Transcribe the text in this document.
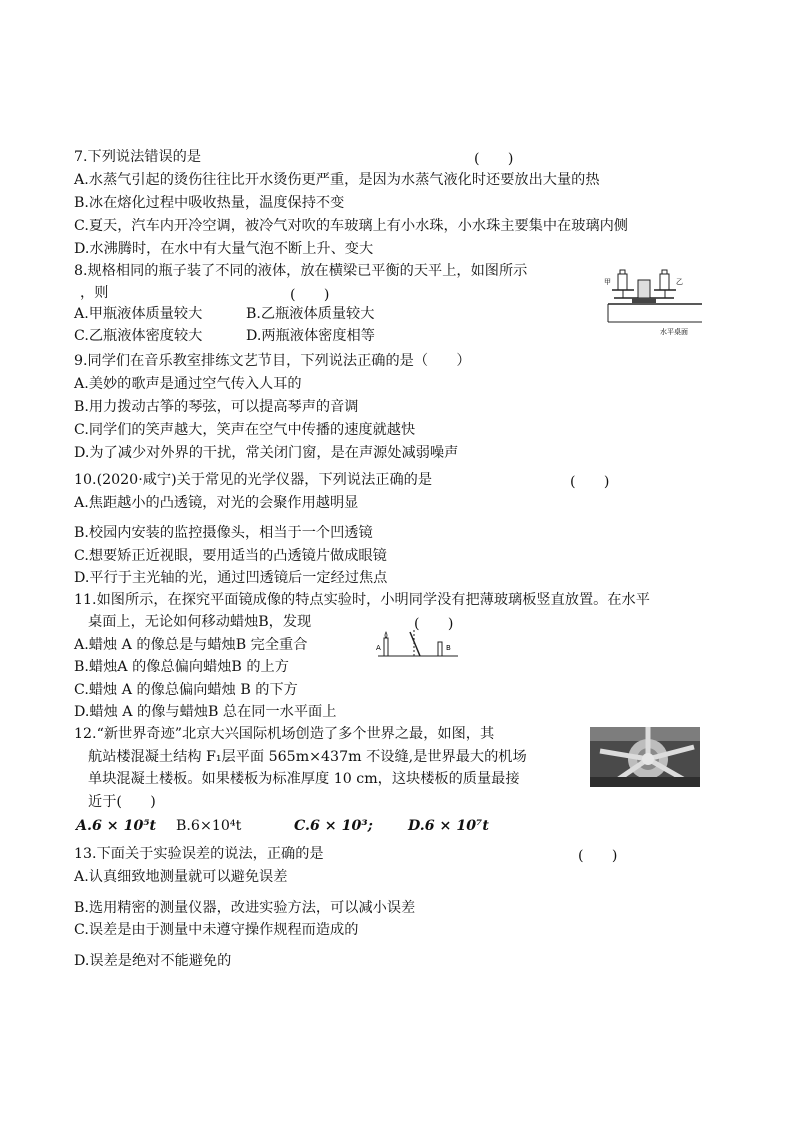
7.下列说法错误的是	(　　)
A.水蒸气引起的烫伤往往比开水烫伤更严重，是因为水蒸气液化时还要放出大量的热
B.冰在熔化过程中吸收热量，温度保持不变
C.夏天，汽车内开冷空调，被冷气对吹的车玻璃上有小水珠，小水珠主要集中在玻璃内侧
D.水沸腾时，在水中有大量气泡不断上升、变大
8.规格相同的瓶子装了不同的液体，放在横梁已平衡的天平上，如图所示
，则	(　　)
A.甲瓶液体质量较大	B.乙瓶液体质量较大
C.乙瓶液体密度较大	D.两瓶液体密度相等
甲	乙
水平桌面
9.同学们在音乐教室排练文艺节目，下列说法正确的是（　　）
A.美妙的歌声是通过空气传入人耳的
B.用力拨动古筝的琴弦，可以提高琴声的音调
C.同学们的笑声越大，笑声在空气中传播的速度就越快
D.为了减少对外界的干扰，常关闭门窗，是在声源处减弱噪声
10.(2020·咸宁)关于常见的光学仪器，下列说法正确的是	(　　)
A.焦距越小的凸透镜，对光的会聚作用越明显
B.校园内安装的监控摄像头，相当于一个凹透镜
C.想要矫正近视眼，要用适当的凸透镜片做成眼镜
D.平行于主光轴的光，通过凹透镜后一定经过焦点
11.如图所示，在探究平面镜成像的特点实验时，小明同学没有把薄玻璃板竖直放置。在水平
桌面上，无论如何移动蜡烛B，发现	(　　)
A.蜡烛 A 的像总是与蜡烛B 完全重合
B.蜡烛A 的像总偏向蜡烛B 的上方
C.蜡烛 A 的像总偏向蜡烛 B 的下方
D.蜡烛 A 的像与蜡烛B 总在同一水平面上
A	B
12.“新世界奇迹”北京大兴国际机场创造了多个世界之最，如图，其
航站楼混凝土结构 F₁层平面 565m×437m 不设缝,是世界最大的机场
单块混凝土楼板。如果楼板为标准厚度 10 cm，这块楼板的质量最接
近于(　　)
A.6 × 10⁵t B.6×10⁴t	C.6 × 10³; D.6 × 10⁷t
13.下面关于实验误差的说法，正确的是	(　　)
A.认真细致地测量就可以避免误差
B.选用精密的测量仪器，改进实验方法，可以减小误差
C.误差是由于测量中未遵守操作规程而造成的
D.误差是绝对不能避免的
